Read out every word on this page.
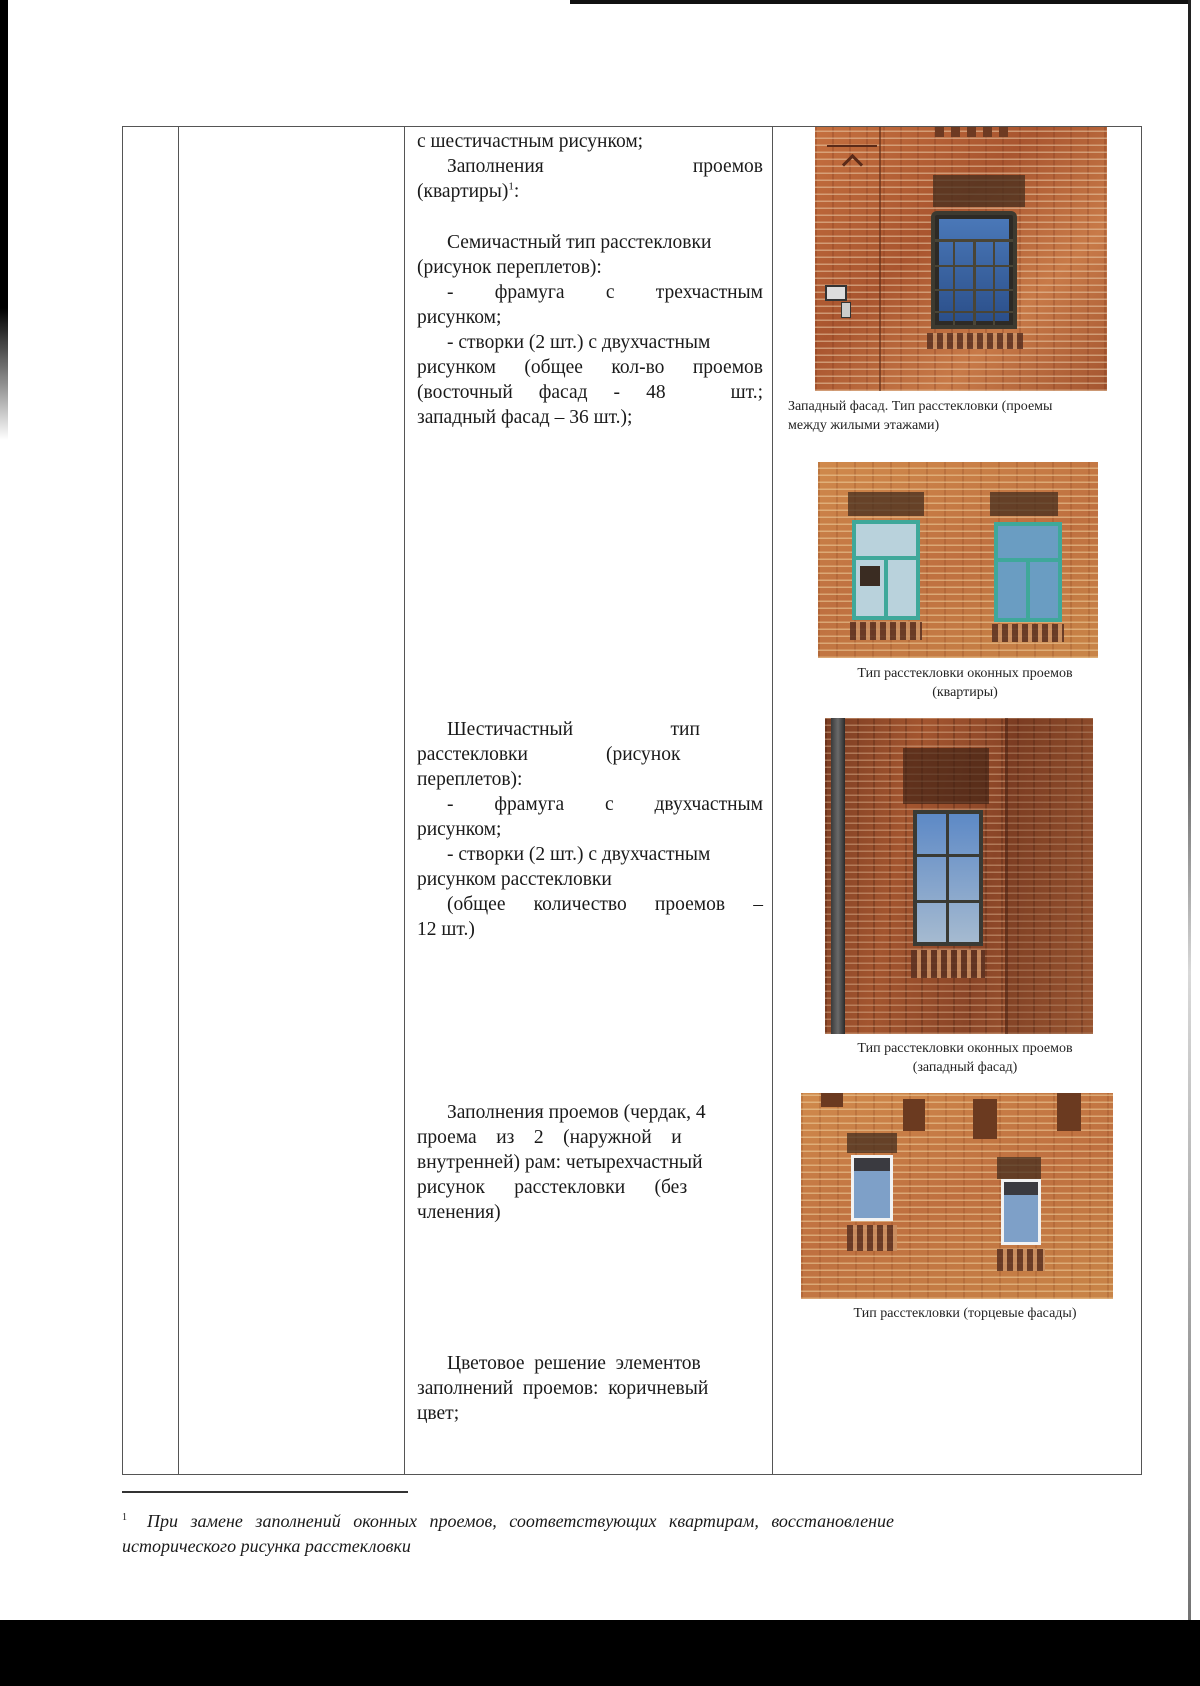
с шестичастным рисунком;

Заполнения	проемов

(квартиры)$^1$:

Семичастный тип расстекловки

(рисунок переплетов):

-  фрамуга  с  трехчастным

рисунком;

- створки (2 шт.) с двухчастным

рисунком (общее кол-во проемов

(восточный  фасад  -  48     шт.;

западный фасад – 36 шт.);

Шестичастный                    тип

расстекловки                (рисунок

переплетов):

-  фрамуга  с  двухчастным

рисунком;

- створки (2 шт.) с двухчастным

рисунком расстекловки

(общее  количество  проемов  –

12 шт.)

Заполнения проемов (чердак, 4

проема    из    2    (наружной    и

внутренней) рам: четырехчастный

рисунок      расстекловки      (без

членения)

Цветовое  решение  элементов

заполнений  проемов:  коричневый

цвет;

Западный фасад. Тип расстекловки (проемы
между жилыми этажами)
Тип расстекловки оконных проемов
(квартиры)
Тип расстекловки оконных проемов
(западный фасад)
Тип расстекловки (торцевые фасады)
$^1$ При замене заполнений оконных проемов, соответствующих квартирам, восстановление
исторического рисунка расстекловки
